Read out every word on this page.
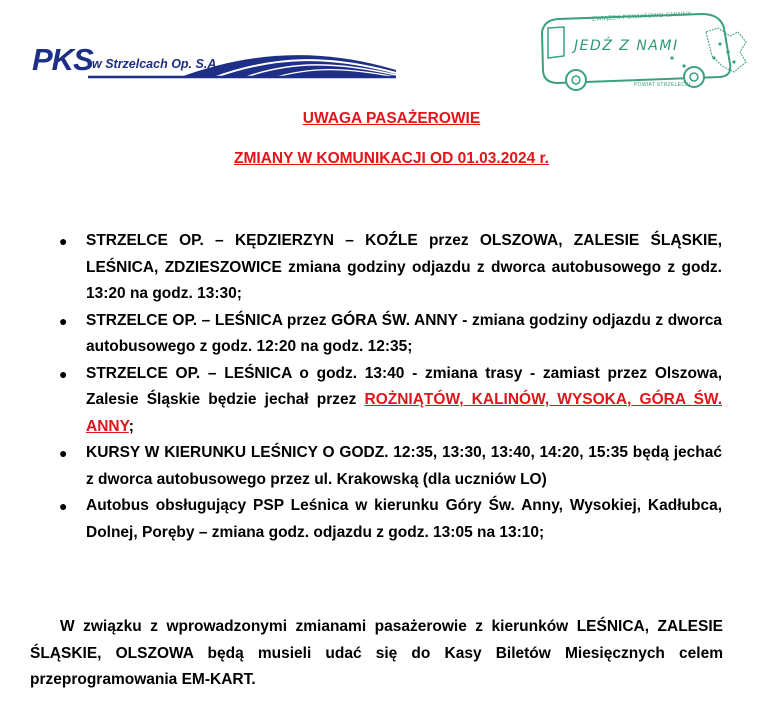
PKS w Strzelcach Op. S.A.
ZWIĄZEK POWIATOWO-GMINNY
JEDŹ Z NAMI
POWIAT STRZELECKI
UWAGA PASAŻEROWIE
ZMIANY W KOMUNIKACJI OD 01.03.2024 r.
● STRZELCE OP. – KĘDZIERZYN – KOŹLE przez OLSZOWA, ZALESIE ŚLĄSKIE, LEŚNICA, ZDZIESZOWICE zmiana godziny odjazdu z dworca autobusowego z godz. 13:20 na godz. 13:30;
● STRZELCE OP. – LEŚNICA przez GÓRA ŚW. ANNY - zmiana godziny odjazdu z dworca autobusowego z godz. 12:20 na godz. 12:35;
● STRZELCE OP. – LEŚNICA o godz. 13:40 - zmiana trasy - zamiast przez Olszowa, Zalesie Śląskie będzie jechał przez ROŻNIĄTÓW, KALINÓW, WYSOKA, GÓRA ŚW. ANNY;
● KURSY W KIERUNKU LEŚNICY O GODZ. 12:35, 13:30, 13:40, 14:20, 15:35 będą jechać z dworca autobusowego przez ul. Krakowską (dla uczniów LO)
● Autobus obsługujący PSP Leśnica w kierunku Góry Św. Anny, Wysokiej, Kadłubca, Dolnej, Poręby – zmiana godz. odjazdu z godz. 13:05 na 13:10;

W związku z wprowadzonymi zmianami pasażerowie z kierunków LEŚNICA, ZALESIE ŚLĄSKIE, OLSZOWA będą musieli udać się do Kasy Biletów Miesięcznych celem przeprogramowania EM-KART.
